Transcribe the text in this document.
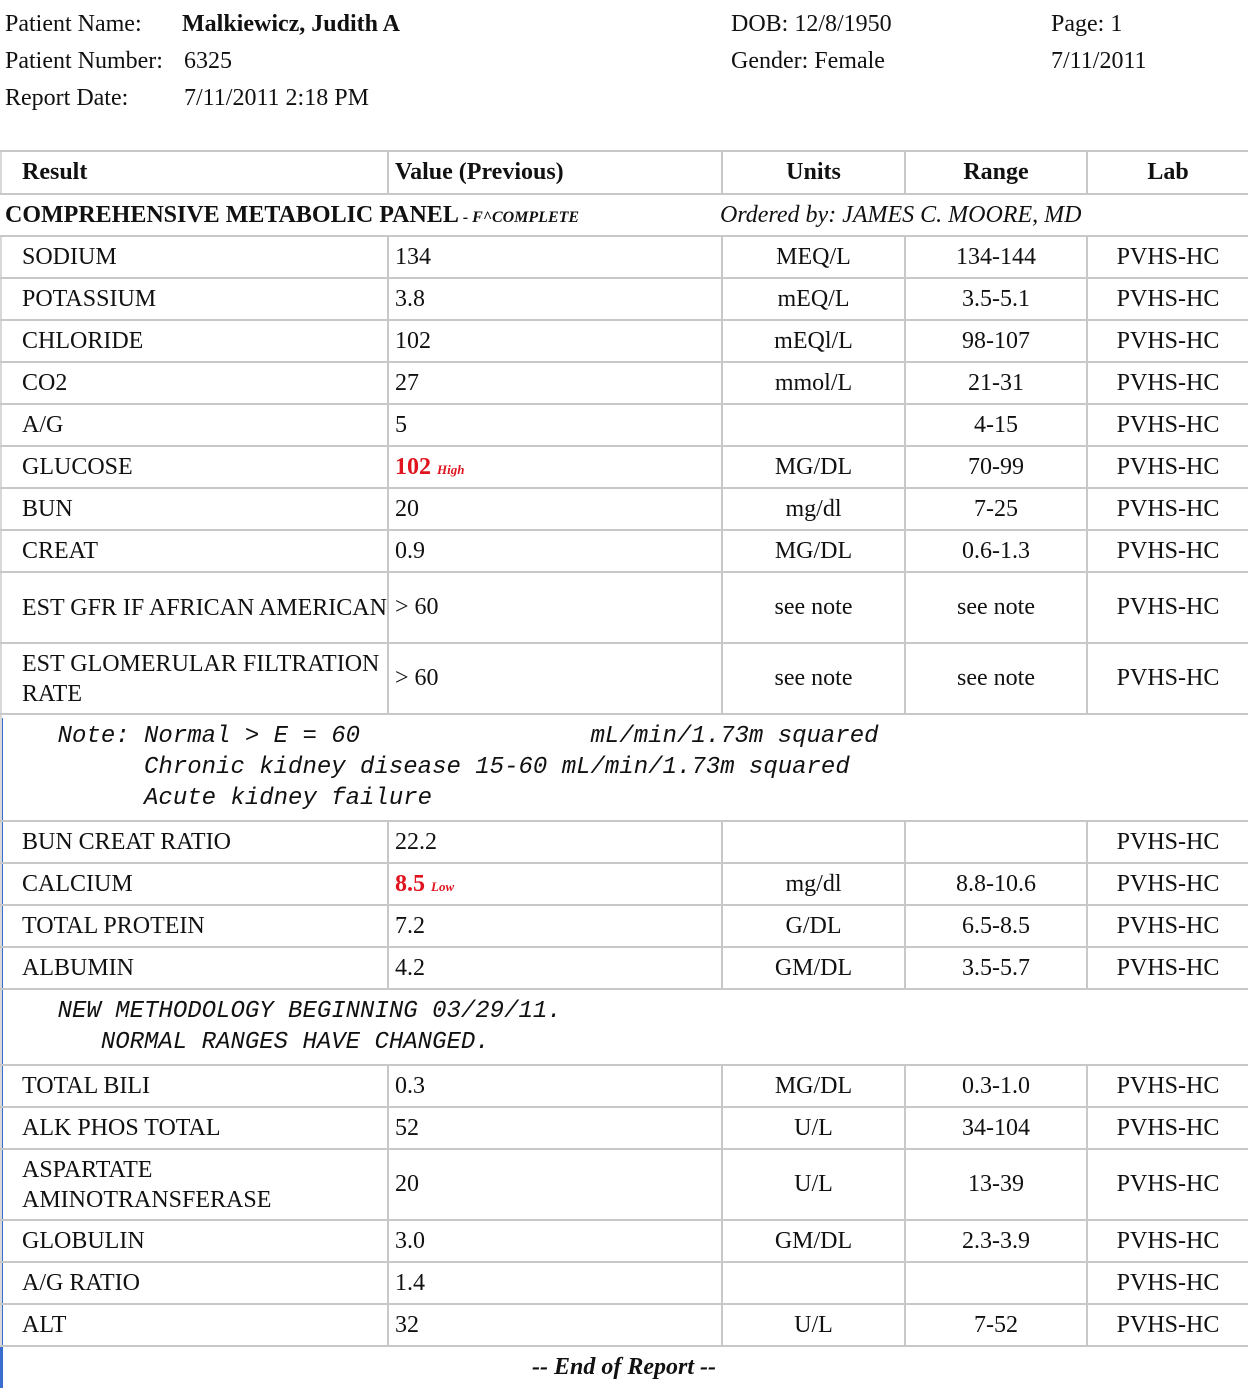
Patient Name: Malkiewicz, Judith A
Patient Number: 6325
Report Date: 7/11/2011 2:18 PM
DOB: 12/8/1950
Gender: Female
Page: 1
7/11/2011
Result	Value (Previous)	Units	Range	Lab
COMPREHENSIVE METABOLIC PANEL - F^COMPLETE Ordered by: JAMES C. MOORE, MD				

SODIUM	134	MEQ/L	134-144	PVHS-HC
POTASSIUM	3.8	mEQ/L	3.5-5.1	PVHS-HC
CHLORIDE	102	mEQl/L	98-107	PVHS-HC
CO2	27	mmol/L	21-31	PVHS-HC
A/G	5		4-15	PVHS-HC
GLUCOSE	102 High	MG/DL	70-99	PVHS-HC
BUN	20	mg/dl	7-25	PVHS-HC
CREAT	0.9	MG/DL	0.6-1.3	PVHS-HC
EST GFR IF AFRICAN AMERICAN	> 60	see note	see note	PVHS-HC
EST GLOMERULAR FILTRATION RATE	> 60	see note	see note	PVHS-HC
Note: Normal > E = 60                mL/min/1.73m squared
Chronic kidney disease 15-60 mL/min/1.73m squared
Acute kidney failure				
BUN CREAT RATIO	22.2			PVHS-HC
CALCIUM	8.5 Low	mg/dl	8.8-10.6	PVHS-HC
TOTAL PROTEIN	7.2	G/DL	6.5-8.5	PVHS-HC
ALBUMIN	4.2	GM/DL	3.5-5.7	PVHS-HC
NEW METHODOLOGY BEGINNING 03/29/11.
NORMAL RANGES HAVE CHANGED.				
TOTAL BILI	0.3	MG/DL	0.3-1.0	PVHS-HC
ALK PHOS TOTAL	52	U/L	34-104	PVHS-HC
ASPARTATE AMINOTRANSFERASE	20	U/L	13-39	PVHS-HC
GLOBULIN	3.0	GM/DL	2.3-3.9	PVHS-HC
A/G RATIO	1.4			PVHS-HC
ALT	32	U/L	7-52	PVHS-HC
-- End of Report --
